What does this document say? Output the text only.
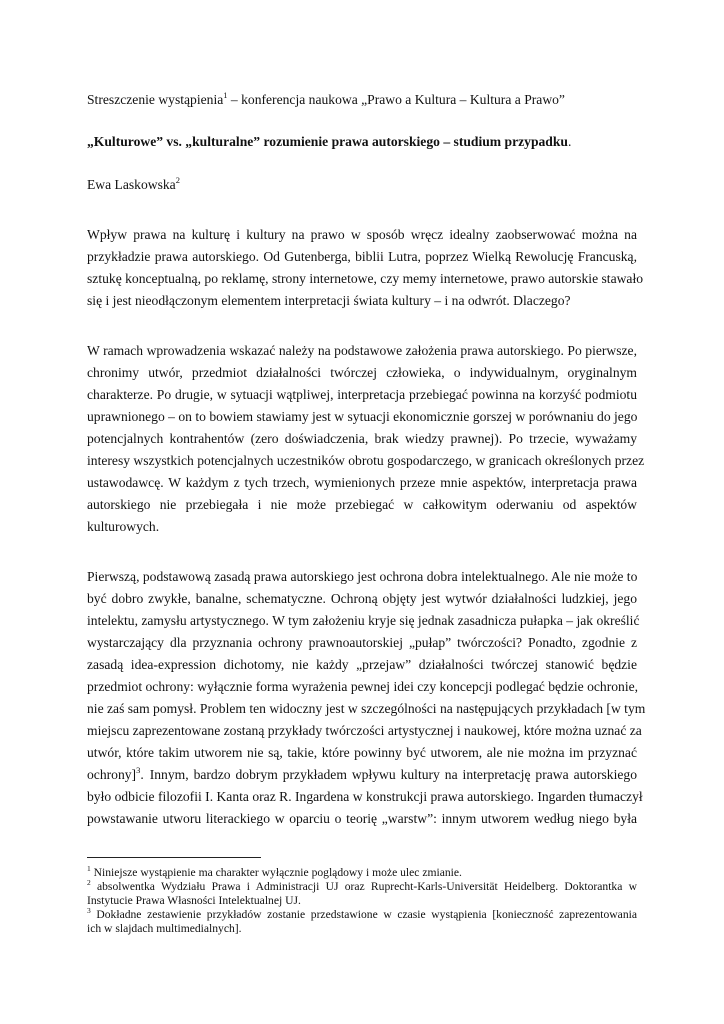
Streszczenie wystąpienia$^1$ – konferencja naukowa „Prawo a Kultura – Kultura a Prawo”
„Kulturowe” vs. „kulturalne” rozumienie prawa autorskiego – studium przypadku.
Ewa Laskowska$^2$
Wpływ prawa na kulturę i kultury na prawo w sposób wręcz idealny zaobserwować można na
przykładzie prawa autorskiego. Od Gutenberga, biblii Lutra, poprzez Wielką Rewolucję Francuską,
sztukę konceptualną, po reklamę, strony internetowe, czy memy internetowe, prawo autorskie stawało
się i jest nieodłączonym elementem interpretacji świata kultury – i na odwrót. Dlaczego?
W ramach wprowadzenia wskazać należy na podstawowe założenia prawa autorskiego. Po pierwsze,
chronimy utwór, przedmiot działalności twórczej człowieka, o indywidualnym, oryginalnym
charakterze. Po drugie, w sytuacji wątpliwej, interpretacja przebiegać powinna na korzyść podmiotu
uprawnionego – on to bowiem stawiamy jest w sytuacji ekonomicznie gorszej w porównaniu do jego
potencjalnych kontrahentów (zero doświadczenia, brak wiedzy prawnej). Po trzecie, wyważamy
interesy wszystkich potencjalnych uczestników obrotu gospodarczego, w granicach określonych przez
ustawodawcę. W każdym z tych trzech, wymienionych przeze mnie aspektów, interpretacja prawa
autorskiego nie przebiegała i nie może przebiegać w całkowitym oderwaniu od aspektów
kulturowych.
Pierwszą, podstawową zasadą prawa autorskiego jest ochrona dobra intelektualnego. Ale nie może to
być dobro zwykłe, banalne, schematyczne. Ochroną objęty jest wytwór działalności ludzkiej, jego
intelektu, zamysłu artystycznego. W tym założeniu kryje się jednak zasadnicza pułapka – jak określić
wystarczający dla przyznania ochrony prawnoautorskiej „pułap” twórczości? Ponadto, zgodnie z
zasadą idea-expression dichotomy, nie każdy „przejaw” działalności twórczej stanowić będzie
przedmiot ochrony: wyłącznie forma wyrażenia pewnej idei czy koncepcji podlegać będzie ochronie,
nie zaś sam pomysł. Problem ten widoczny jest w szczególności na następujących przykładach [w tym
miejscu zaprezentowane zostaną przykłady twórczości artystycznej i naukowej, które można uznać za
utwór, które takim utworem nie są, takie, które powinny być utworem, ale nie można im przyznać
ochrony]$^3$. Innym, bardzo dobrym przykładem wpływu kultury na interpretację prawa autorskiego
było odbicie filozofii I. Kanta oraz R. Ingardena w konstrukcji prawa autorskiego. Ingarden tłumaczył
powstawanie utworu literackiego w oparciu o teorię „warstw”: innym utworem według niego była
$^1$ Niniejsze wystąpienie ma charakter wyłącznie poglądowy i może ulec zmianie.
$^2$ absolwentka Wydziału Prawa i Administracji UJ oraz Ruprecht-Karls-Universität Heidelberg. Doktorantka w
Instytucie Prawa Własności Intelektualnej UJ.
$^3$ Dokładne zestawienie przykładów zostanie przedstawione w czasie wystąpienia [konieczność zaprezentowania
ich w slajdach multimedialnych].
